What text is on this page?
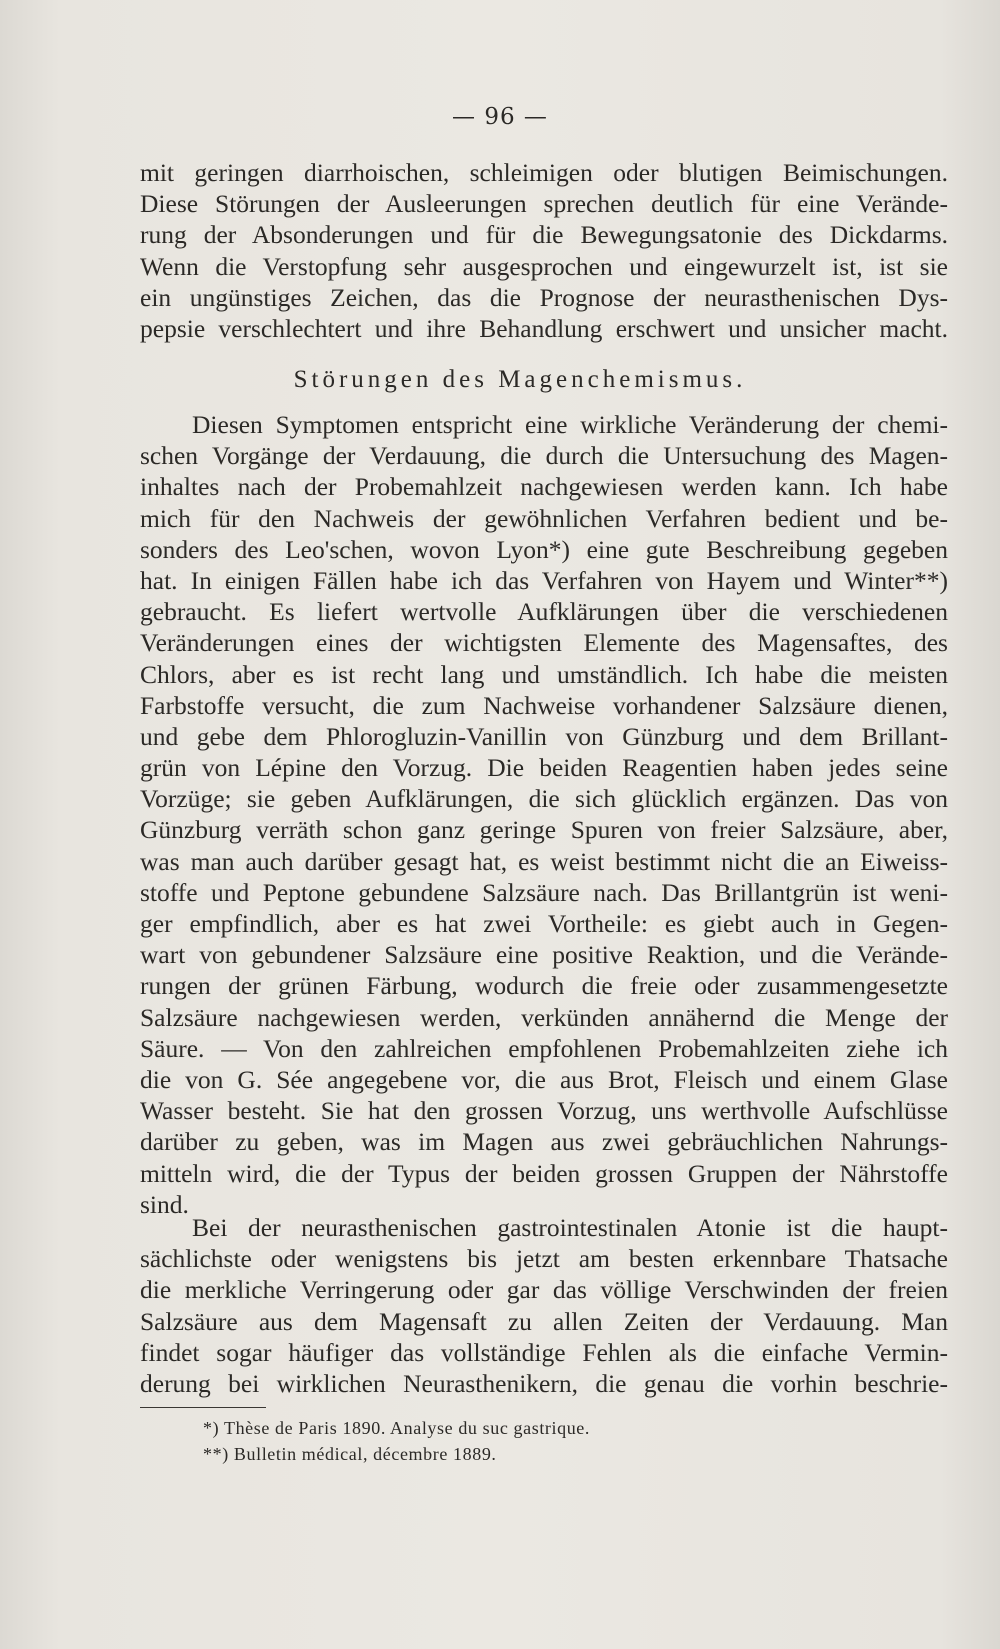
— 96 —
mit geringen diarrhoischen, schleimigen oder blutigen Beimischungen.
Diese Störungen der Ausleerungen sprechen deutlich für eine Verände-
rung der Absonderungen und für die Bewegungsatonie des Dickdarms.
Wenn die Verstopfung sehr ausgesprochen und eingewurzelt ist, ist sie
ein ungünstiges Zeichen, das die Prognose der neurasthenischen Dys-
pepsie verschlechtert und ihre Behandlung erschwert und unsicher macht.
Störungen des Magenchemismus.
Diesen Symptomen entspricht eine wirkliche Veränderung der chemi-
schen Vorgänge der Verdauung, die durch die Untersuchung des Magen-
inhaltes nach der Probemahlzeit nachgewiesen werden kann. Ich habe
mich für den Nachweis der gewöhnlichen Verfahren bedient und be-
sonders des Leo'schen, wovon Lyon*) eine gute Beschreibung gegeben
hat. In einigen Fällen habe ich das Verfahren von Hayem und Winter**)
gebraucht. Es liefert wertvolle Aufklärungen über die verschiedenen
Veränderungen eines der wichtigsten Elemente des Magensaftes, des
Chlors, aber es ist recht lang und umständlich. Ich habe die meisten
Farbstoffe versucht, die zum Nachweise vorhandener Salzsäure dienen,
und gebe dem Phlorogluzin-Vanillin von Günzburg und dem Brillant-
grün von Lépine den Vorzug. Die beiden Reagentien haben jedes seine
Vorzüge; sie geben Aufklärungen, die sich glücklich ergänzen. Das von
Günzburg verräth schon ganz geringe Spuren von freier Salzsäure, aber,
was man auch darüber gesagt hat, es weist bestimmt nicht die an Eiweiss-
stoffe und Peptone gebundene Salzsäure nach. Das Brillantgrün ist weni-
ger empfindlich, aber es hat zwei Vortheile: es giebt auch in Gegen-
wart von gebundener Salzsäure eine positive Reaktion, und die Verände-
rungen der grünen Färbung, wodurch die freie oder zusammengesetzte
Salzsäure nachgewiesen werden, verkünden annähernd die Menge der
Säure. — Von den zahlreichen empfohlenen Probemahlzeiten ziehe ich
die von G. Sée angegebene vor, die aus Brot, Fleisch und einem Glase
Wasser besteht. Sie hat den grossen Vorzug, uns werthvolle Aufschlüsse
darüber zu geben, was im Magen aus zwei gebräuchlichen Nahrungs-
mitteln wird, die der Typus der beiden grossen Gruppen der Nährstoffe
sind.
Bei der neurasthenischen gastrointestinalen Atonie ist die haupt-
sächlichste oder wenigstens bis jetzt am besten erkennbare Thatsache
die merkliche Verringerung oder gar das völlige Verschwinden der freien
Salzsäure aus dem Magensaft zu allen Zeiten der Verdauung. Man
findet sogar häufiger das vollständige Fehlen als die einfache Vermin-
derung bei wirklichen Neurasthenikern, die genau die vorhin beschrie-
*) Thèse de Paris 1890. Analyse du suc gastrique.
**) Bulletin médical, décembre 1889.
